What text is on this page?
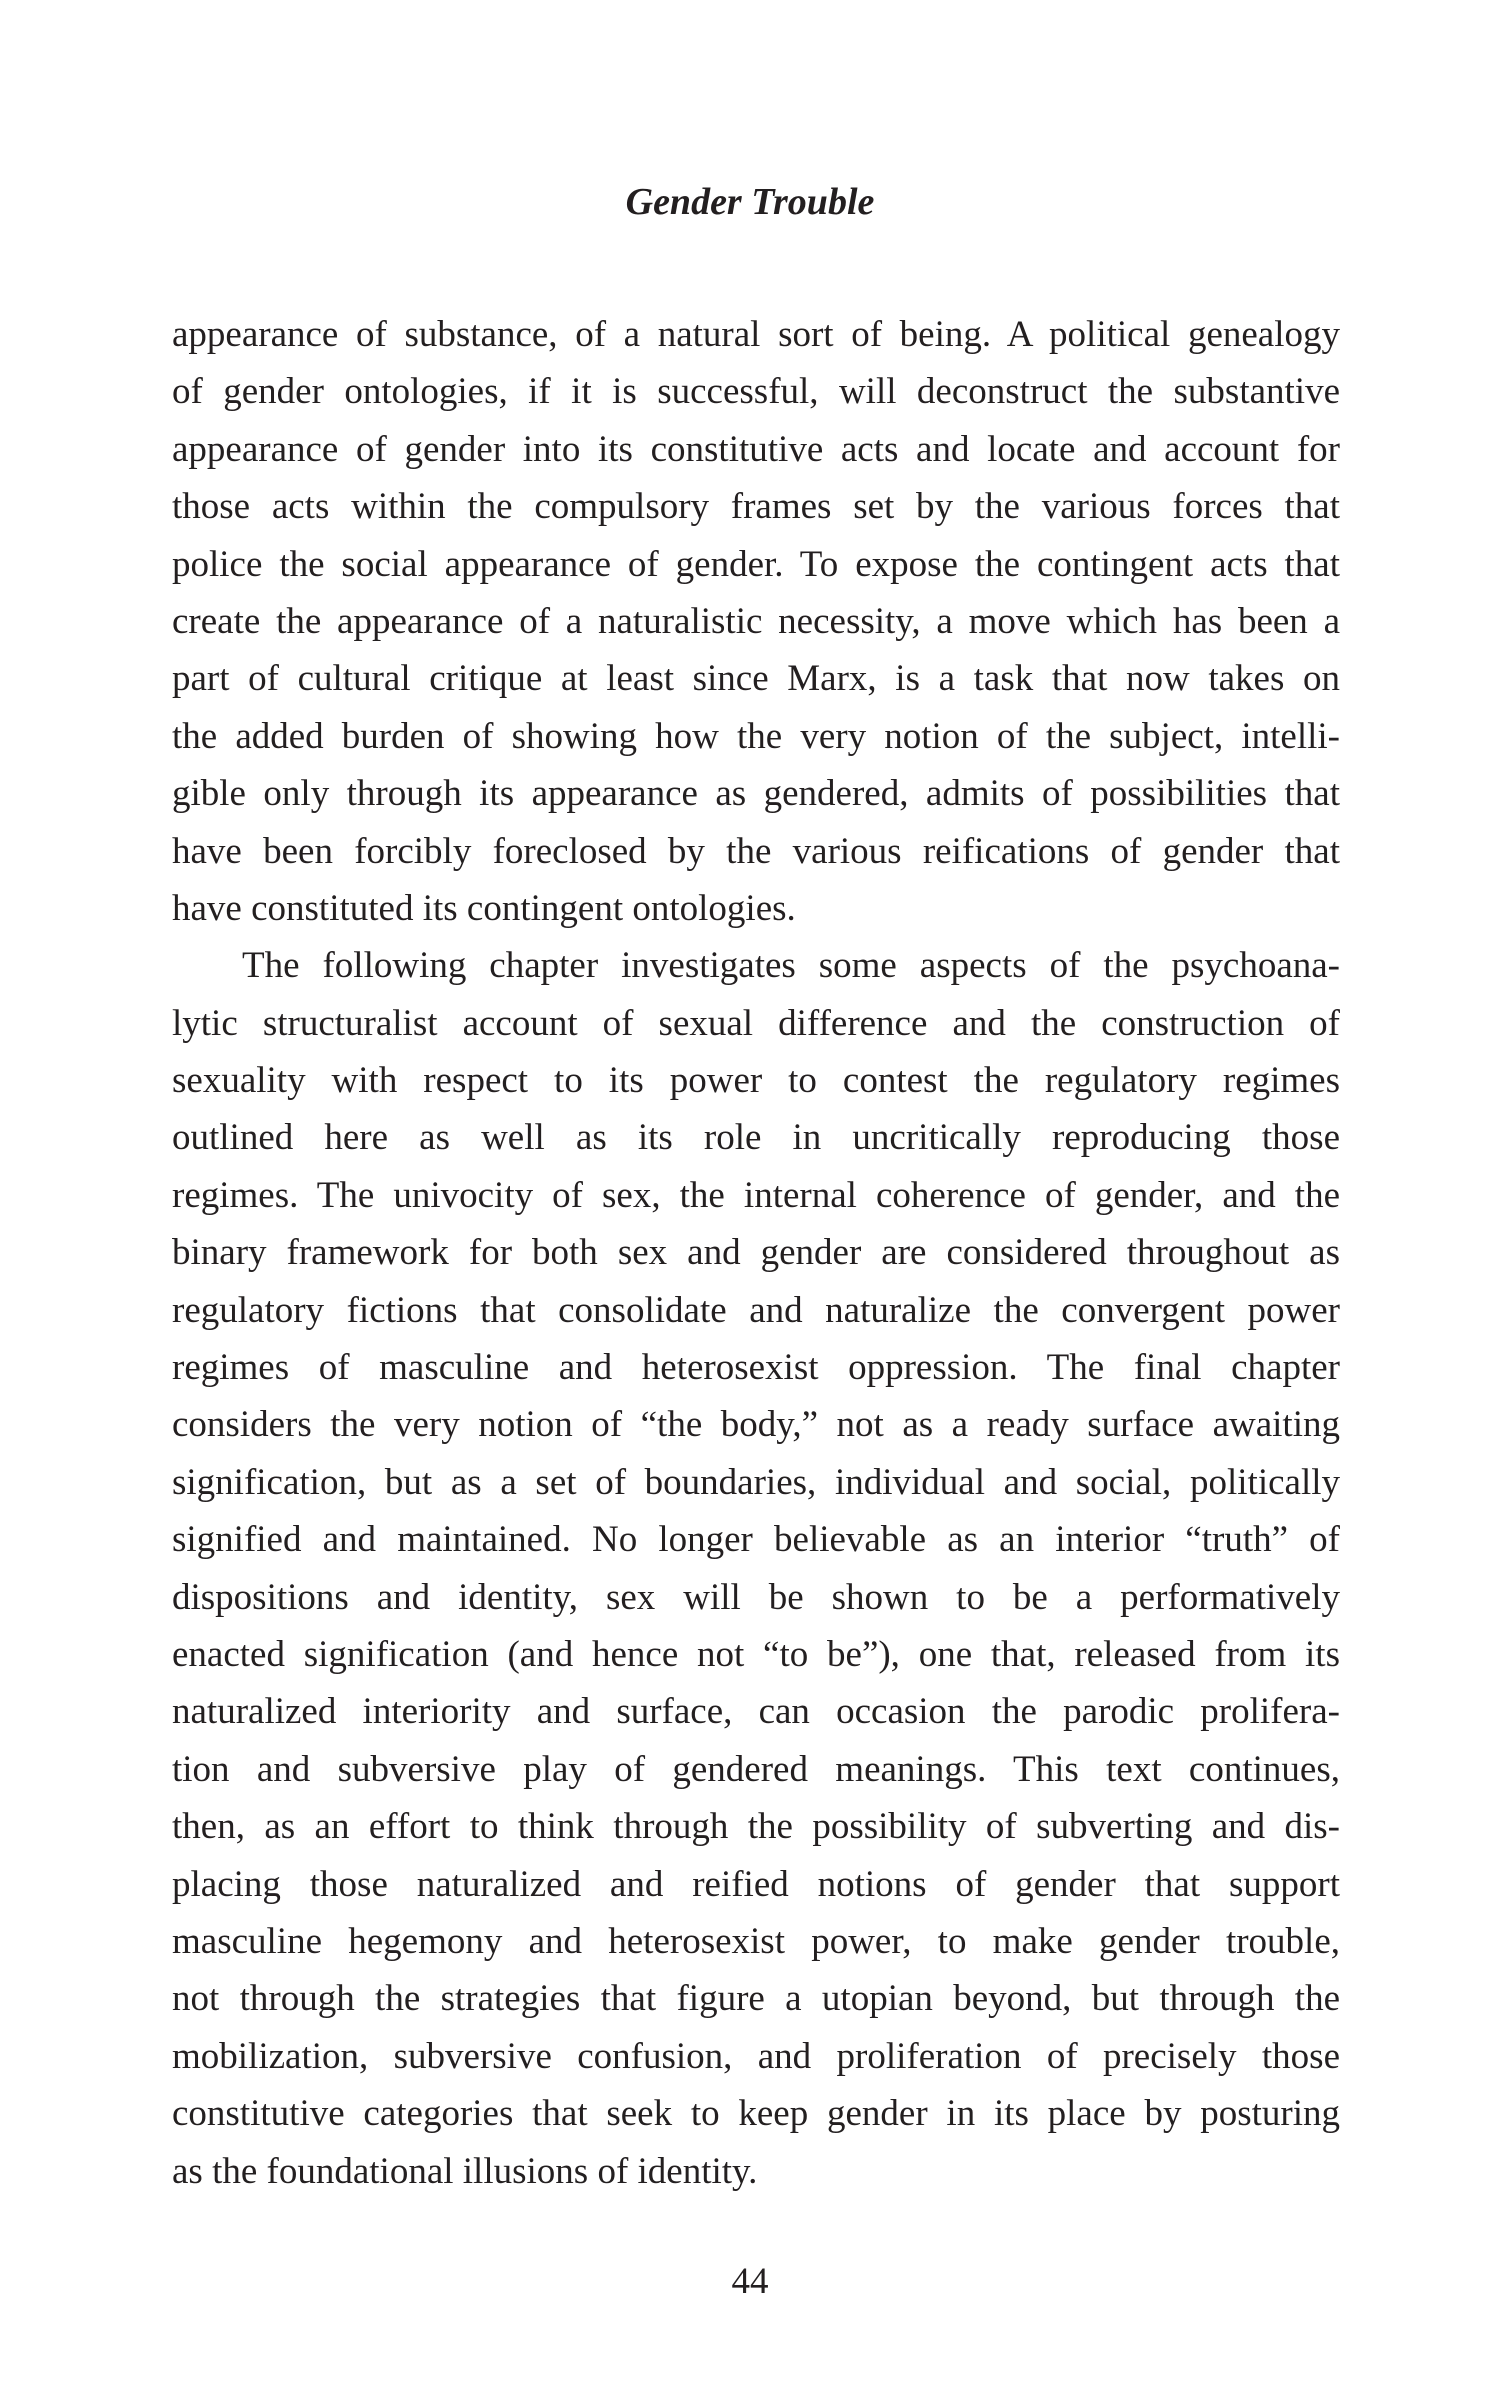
Gender Trouble
appearance of substance, of a natural sort of being. A political genealogy
of gender ontologies, if it is successful, will deconstruct the substantive
appearance of gender into its constitutive acts and locate and account for
those acts within the compulsory frames set by the various forces that
police the social appearance of gender. To expose the contingent acts that
create the appearance of a naturalistic necessity, a move which has been a
part of cultural critique at least since Marx, is a task that now takes on
the added burden of showing how the very notion of the subject, intelli-
gible only through its appearance as gendered, admits of possibilities that
have been forcibly foreclosed by the various reifications of gender that
have constituted its contingent ontologies.
The following chapter investigates some aspects of the psychoana-
lytic structuralist account of sexual difference and the construction of
sexuality with respect to its power to contest the regulatory regimes
outlined here as well as its role in uncritically reproducing those
regimes. The univocity of sex, the internal coherence of gender, and the
binary framework for both sex and gender are considered throughout as
regulatory fictions that consolidate and naturalize the convergent power
regimes of masculine and heterosexist oppression. The final chapter
considers the very notion of “the body,” not as a ready surface awaiting
signification, but as a set of boundaries, individual and social, politically
signified and maintained. No longer believable as an interior “truth” of
dispositions and identity, sex will be shown to be a performatively
enacted signification (and hence not “to be”), one that, released from its
naturalized interiority and surface, can occasion the parodic prolifera-
tion and subversive play of gendered meanings. This text continues,
then, as an effort to think through the possibility of subverting and dis-
placing those naturalized and reified notions of gender that support
masculine hegemony and heterosexist power, to make gender trouble,
not through the strategies that figure a utopian beyond, but through the
mobilization, subversive confusion, and proliferation of precisely those
constitutive categories that seek to keep gender in its place by posturing
as the foundational illusions of identity.
44
